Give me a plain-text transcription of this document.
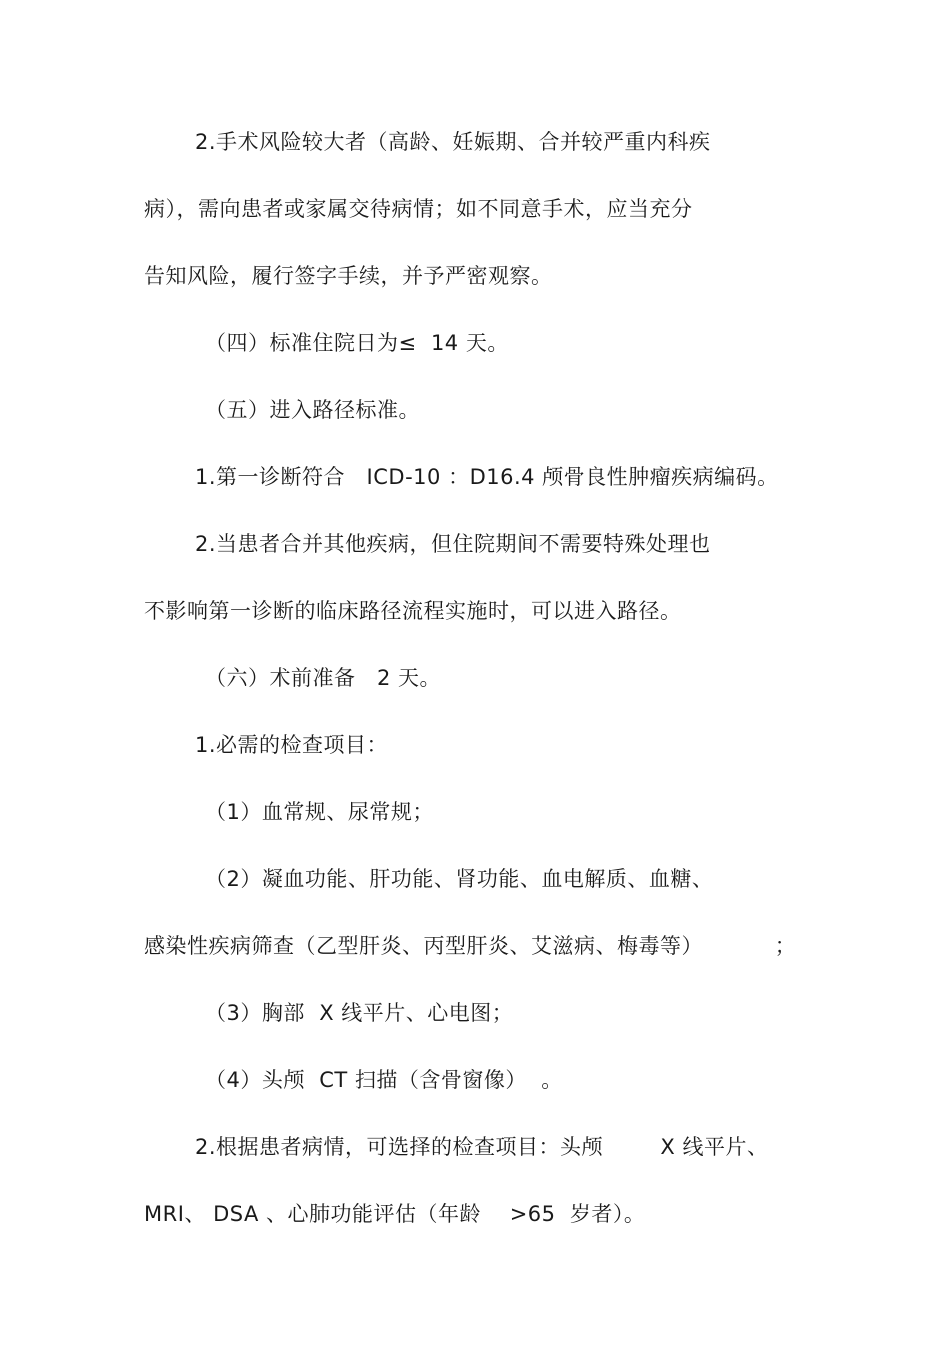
2.手术风险较大者（高龄、妊娠期、合并较严重内科疾
病），需向患者或家属交待病情；如不同意手术，应当充分
告知风险，履行签字手续，并予严密观察。
（四）标准住院日为≤  14 天。
（五）进入路径标准。
1.第一诊断符合   ICD-10 ：D16.4 颅骨良性肿瘤疾病编码。
2.当患者合并其他疾病，但住院期间不需要特殊处理也
不影响第一诊断的临床路径流程实施时，可以进入路径。
（六）术前准备   2 天。
1.必需的检查项目：
（1）血常规、尿常规；
（2）凝血功能、肝功能、肾功能、血电解质、血糖、
感染性疾病筛查（乙型肝炎、丙型肝炎、艾滋病、梅毒等）          ；
（3）胸部  X 线平片、心电图；
（4）头颅  CT 扫描（含骨窗像）  。
2.根据患者病情，可选择的检查项目：头颅        X 线平片、
MRI、 DSA 、心肺功能评估（年龄    >65  岁者）。
